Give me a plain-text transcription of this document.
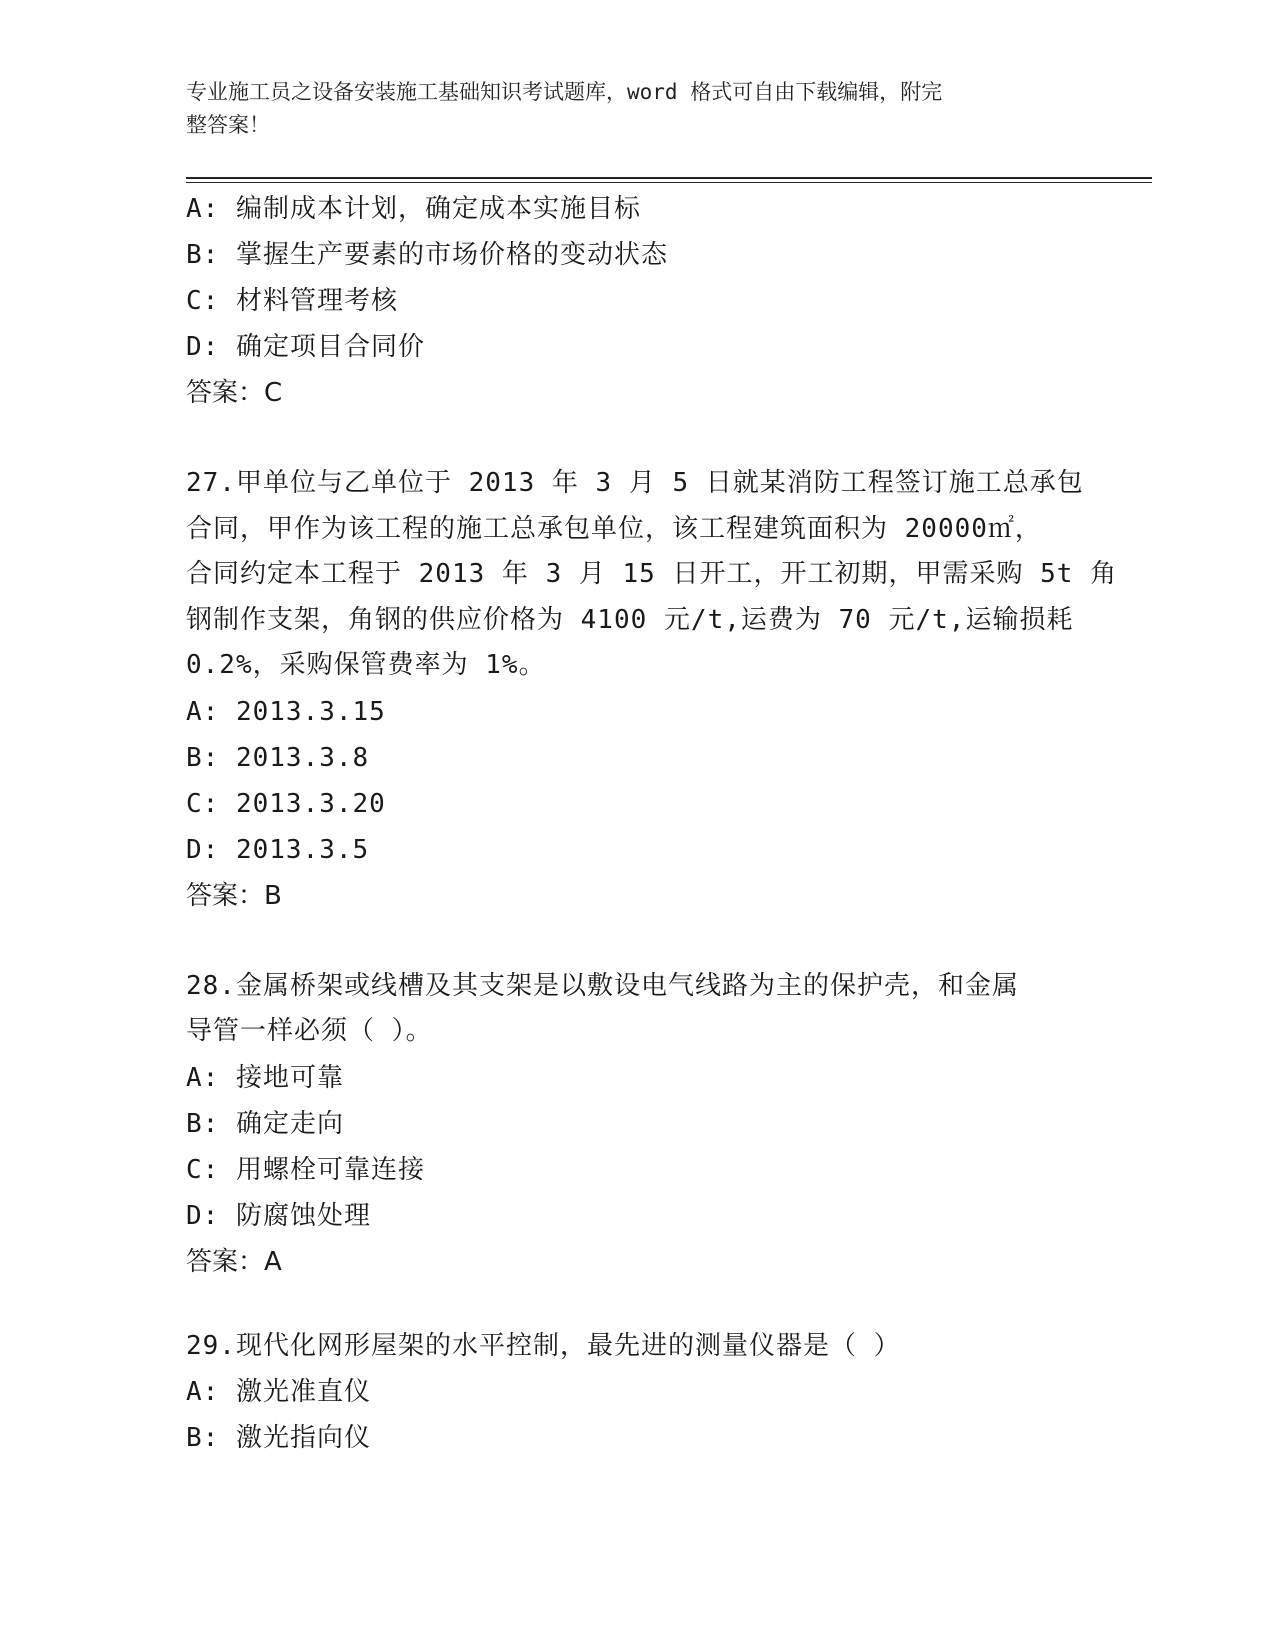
专业施工员之设备安装施工基础知识考试题库，word 格式可自由下载编辑，附完
整答案！
A: 编制成本计划，确定成本实施目标
B: 掌握生产要素的市场价格的变动状态
C: 材料管理考核
D: 确定项目合同价
答案：C
27.甲单位与乙单位于 2013 年 3 月 5 日就某消防工程签订施工总承包
合同，甲作为该工程的施工总承包单位，该工程建筑面积为 20000㎡，
合同约定本工程于 2013 年 3 月 15 日开工，开工初期，甲需采购 5t 角
钢制作支架，角钢的供应价格为 4100 元/t,运费为 70 元/t,运输损耗
0.2%，采购保管费率为 1%。
A: 2013.3.15
B: 2013.3.8
C: 2013.3.20
D: 2013.3.5
答案：B
28.金属桥架或线槽及其支架是以敷设电气线路为主的保护壳，和金属
导管一样必须（ ）。
A: 接地可靠
B: 确定走向
C: 用螺栓可靠连接
D: 防腐蚀处理
答案：A
29.现代化网形屋架的水平控制，最先进的测量仪器是（ ）
A: 激光准直仪
B: 激光指向仪
